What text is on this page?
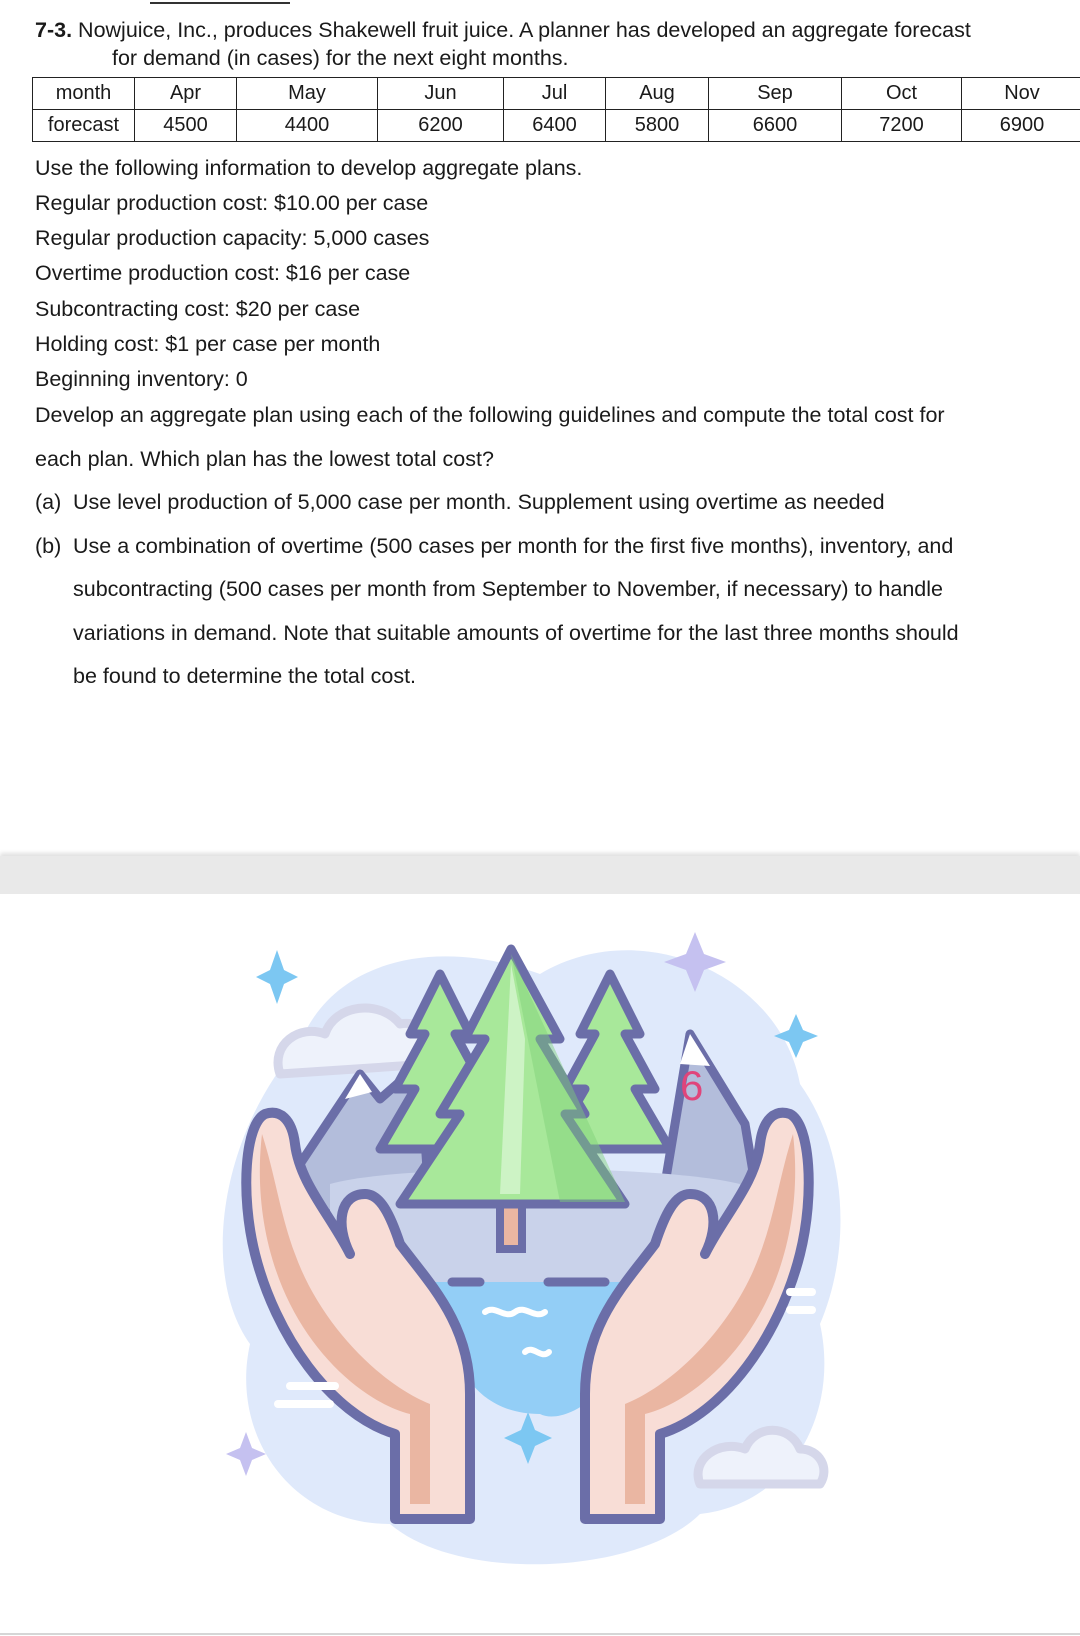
7-3. Nowjuice, Inc., produces Shakewell fruit juice. A planner has developed an aggregate forecast
for demand (in cases) for the next eight months.
month	Apr	May	Jun	Jul	Aug	Sep	Oct	Nov
forecast	4500	4400	6200	6400	5800	6600	7200	6900
Use the following information to develop aggregate plans.
Regular production cost: $10.00 per case
Regular production capacity: 5,000 cases
Overtime production cost: $16 per case
Subcontracting cost: $20 per case
Holding cost: $1 per case per month
Beginning inventory: 0
Develop an aggregate plan using each of the following guidelines and compute the total cost for
each plan. Which plan has the lowest total cost?
(a) Use level production of 5,000 case per month. Supplement using overtime as needed
(b) Use a combination of overtime (500 cases per month for the first five months), inventory, and
subcontracting (500 cases per month from September to November, if necessary) to handle
variations in demand. Note that suitable amounts of overtime for the last three months should
be found to determine the total cost.
6
